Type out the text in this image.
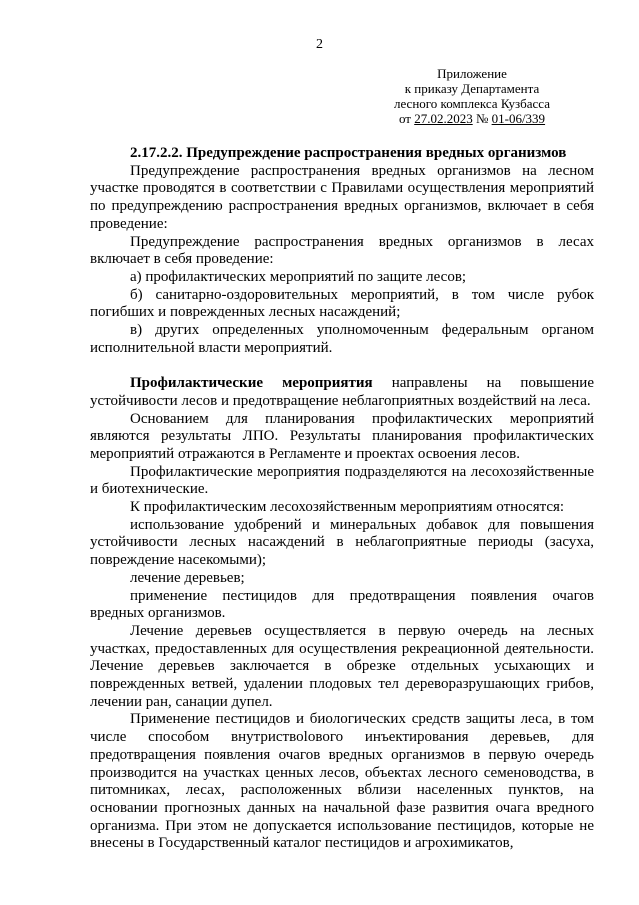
2
Приложение
к приказу Департамента
лесного комплекса Кузбасса
от 27.02.2023 № 01-06/339

2.17.2.2. Предупреждение распространения вредных организмов

Предупреждение распространения вредных организмов на лесном участке проводятся в соответствии с Правилами осуществления мероприятий по предупреждению распространения вредных организмов, включает в себя проведение:

Предупреждение распространения вредных организмов в лесах включает в себя проведение:

а) профилактических мероприятий по защите лесов;

б) санитарно-оздоровительных мероприятий, в том числе рубок погибших и поврежденных лесных насаждений;

в) других определенных уполномоченным федеральным органом исполнительной власти мероприятий.

Профилактические мероприятия направлены на повышение устойчивости лесов и предотвращение неблагоприятных воздействий на леса.

Основанием для планирования профилактических мероприятий являются результаты ЛПО. Результаты планирования профилактических мероприятий отражаются в Регламенте и проектах освоения лесов.

Профилактические мероприятия подразделяются на лесохозяйственные и биотехнические.

К профилактическим лесохозяйственным мероприятиям относятся:

использование удобрений и минеральных добавок для повышения устойчивости лесных насаждений в неблагоприятные периоды (засуха, повреждение насекомыми);

лечение деревьев;

применение пестицидов для предотвращения появления очагов вредных организмов.

Лечение деревьев осуществляется в первую очередь на лесных участках, предоставленных для осуществления рекреационной деятельности. Лечение деревьев заключается в обрезке отдельных усыхающих и поврежденных ветвей, удалении плодовых тел дереворазрушающих грибов, лечении ран, санации дупел.

Применение пестицидов и биологических средств защиты леса, в том числе способом внутриствolового инъектирования деревьев, для предотвращения появления очагов вредных организмов в первую очередь производится на участках ценных лесов, объектах лесного семеноводства, в питомниках, лесах, расположенных вблизи населенных пунктов, на основании прогнозных данных на начальной фазе развития очага вредного организма. При этом не допускается использование пестицидов, которые не внесены в Государственный каталог пестицидов и агрохимикатов,
